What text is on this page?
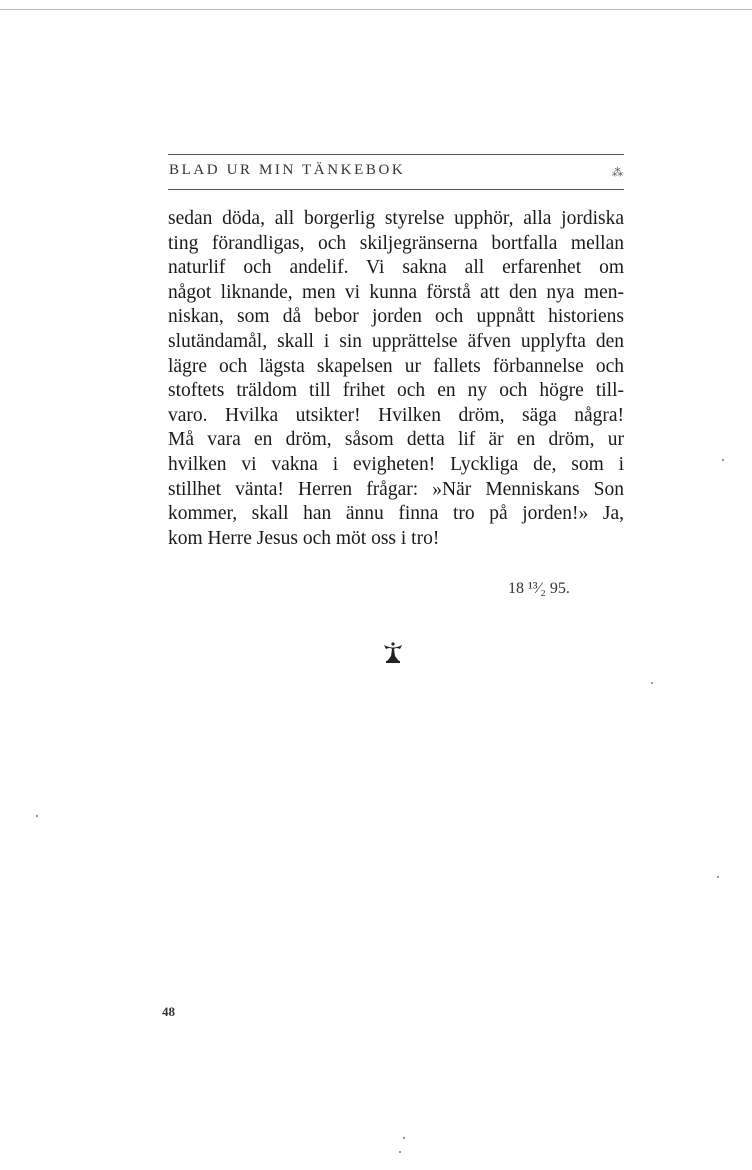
BLAD UR MIN TÄNKEBOK	⁂
sedan döda, all borgerlig styrelse upphör, alla jordiska
ting förandligas, och skiljegränserna bortfalla mellan
naturlif och andelif. Vi sakna all erfarenhet om
något liknande, men vi kunna förstå att den nya men-
niskan, som då bebor jorden och uppnått historiens
slutändamål, skall i sin upprättelse äfven upplyfta den
lägre och lägsta skapelsen ur fallets förbannelse och
stoftets träldom till frihet och en ny och högre till-
varo. Hvilka utsikter! Hvilken dröm, säga några!
Må vara en dröm, såsom detta lif är en dröm, ur
hvilken vi vakna i evigheten! Lyckliga de, som i
stillhet vänta! Herren frågar: »När Menniskans Son
kommer, skall han ännu finna tro på jorden!» Ja,
kom Herre Jesus och möt oss i tro!
18 ¹³⁄₂ 95.
48
